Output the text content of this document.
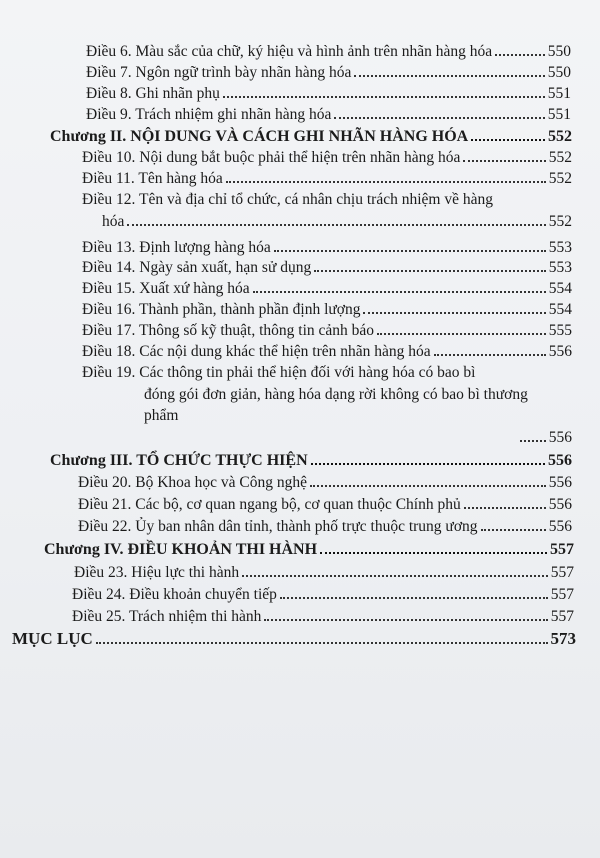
Điều 6. Màu sắc của chữ, ký hiệu và hình ảnh trên nhãn hàng hóa	550
Điều 7. Ngôn ngữ trình bày nhãn hàng hóa	550
Điều 8. Ghi nhãn phụ	551
Điều 9. Trách nhiệm ghi nhãn hàng hóa	551
Chương II. NỘI DUNG VÀ CÁCH GHI NHÃN HÀNG HÓA	552
Điều 10. Nội dung bắt buộc phải thể hiện trên nhãn hàng hóa	552
Điều 11. Tên hàng hóa	552
Điều 12. Tên và địa chỉ tổ chức, cá nhân chịu trách nhiệm về hàng
hóa	552
Điều 13. Định lượng hàng hóa	553
Điều 14. Ngày sản xuất, hạn sử dụng	553
Điều 15. Xuất xứ hàng hóa	554
Điều 16. Thành phần, thành phần định lượng	554
Điều 17. Thông số kỹ thuật, thông tin cảnh báo	555
Điều 18. Các nội dung khác thể hiện trên nhãn hàng hóa	556
Điều 19. Các thông tin phải thể hiện đối với hàng hóa có bao bì
đóng gói đơn giản, hàng hóa dạng rời không có bao bì thương
phẩm
556
Chương III. TỔ CHỨC THỰC HIỆN	556
Điều 20. Bộ Khoa học và Công nghệ	556
Điều 21. Các bộ, cơ quan ngang bộ, cơ quan thuộc Chính phủ	556
Điều 22. Ủy ban nhân dân tỉnh, thành phố trực thuộc trung ương	556
Chương IV. ĐIỀU KHOẢN THI HÀNH	557
Điều 23. Hiệu lực thi hành	557
Điều 24. Điều khoản chuyển tiếp	557
Điều 25. Trách nhiệm thi hành	557
MỤC LỤC	573
